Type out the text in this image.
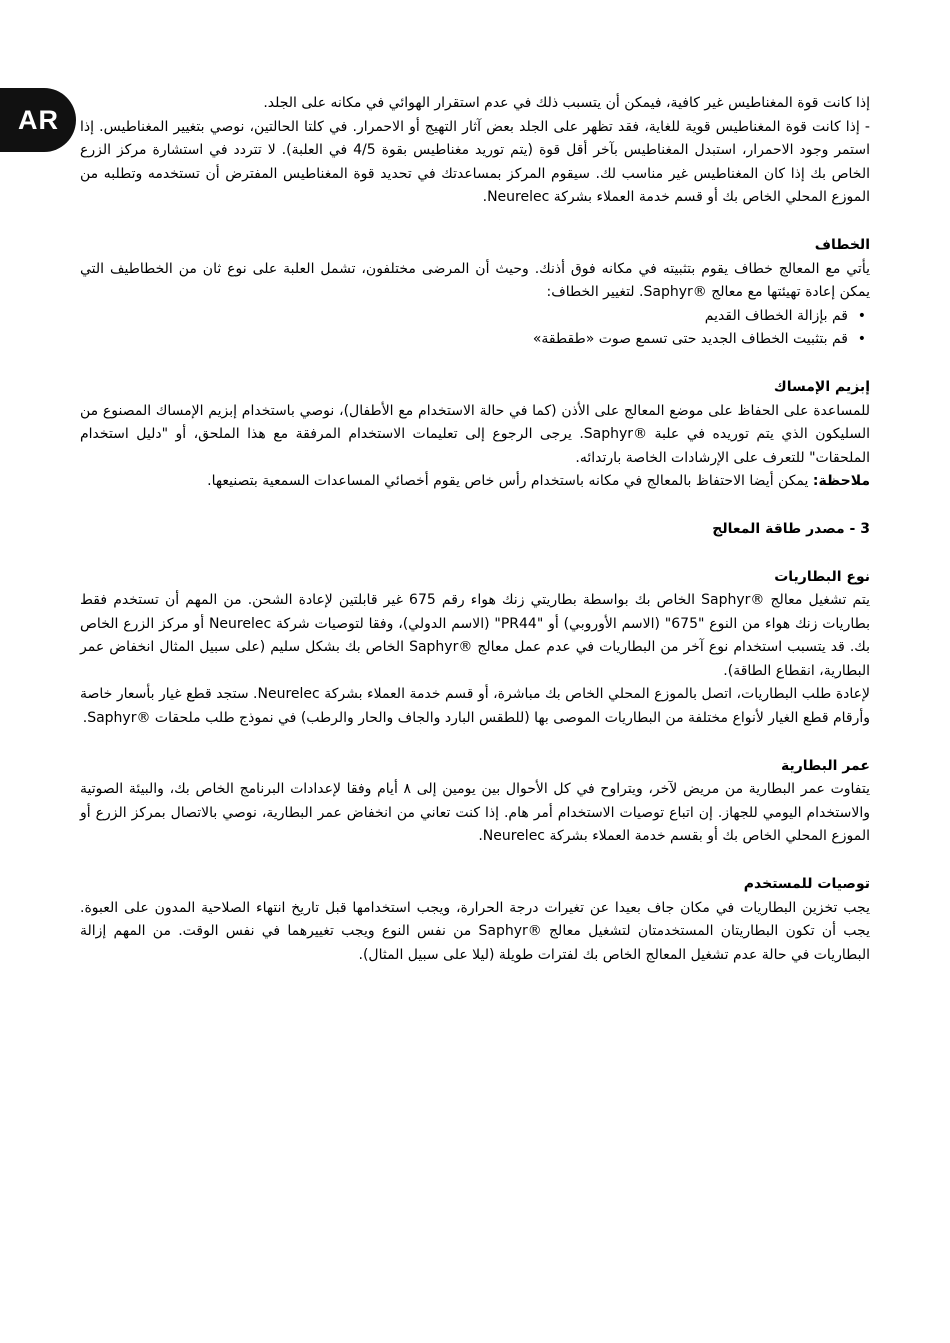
AR

إذا كانت قوة المغناطيس غير كافية، فيمكن أن يتسبب ذلك في عدم استقرار الهوائي في مكانه على الجلد.

- إذا كانت قوة المغناطيس قوية للغاية، فقد تظهر على الجلد بعض آثار التهيج أو الاحمرار. في كلتا الحالتين، نوصي بتغيير المغناطيس. إذا استمر وجود الاحمرار، استبدل المغناطيس بآخر أقل قوة (يتم توريد مغناطيس بقوة 4/5 في العلبة). لا تتردد في استشارة مركز الزرع الخاص بك إذا كان المغناطيس غير مناسب لك. سيقوم المركز بمساعدتك في تحديد قوة المغناطيس المفترض أن تستخدمه وتطلبه من الموزع المحلي الخاص بك أو قسم خدمة العملاء بشركة Neurelec.

الخطاف

يأتي مع المعالج خطاف يقوم بتثبيته في مكانه فوق أذنك. وحيث أن المرضى مختلفون، تشمل العلبة على نوع ثان من الخطاطيف التي يمكن إعادة تهيئتها مع معالج ®Saphyr. لتغيير الخطاف:

• قم بإزالة الخطاف القديم
• قم بتثبيت الخطاف الجديد حتى تسمع صوت «طقطقة»
إبزيم الإمساك

للمساعدة على الحفاظ على موضع المعالج على الأذن (كما في حالة الاستخدام مع الأطفال)، نوصي باستخدام إبزيم الإمساك المصنوع من السليكون الذي يتم توريده في علبة ®Saphyr. يرجى الرجوع إلى تعليمات الاستخدام المرفقة مع هذا الملحق، أو "دليل استخدام الملحقات" للتعرف على الإرشادات الخاصة بارتدائه.

ملاحظة: يمكن أيضا الاحتفاظ بالمعالج في مكانه باستخدام رأس خاص يقوم أخصائي المساعدات السمعية بتصنيعها.

3 - مصدر طاقة المعالج
نوع البطاريات

يتم تشغيل معالج ®Saphyr الخاص بك بواسطة بطاريتي زنك هواء رقم 675 غير قابلتين لإعادة الشحن. من المهم أن تستخدم فقط بطاريات زنك هواء من النوع "675" (الاسم الأوروبي) أو "PR44" (الاسم الدولي)، وفقا لتوصيات شركة Neurelec أو مركز الزرع الخاص بك. قد يتسبب استخدام نوع آخر من البطاريات في عدم عمل معالج ®Saphyr الخاص بك بشكل سليم (على سبيل المثال انخفاض عمر البطارية، انقطاع الطاقة).

لإعادة طلب البطاريات، اتصل بالموزع المحلي الخاص بك مباشرة، أو قسم خدمة العملاء بشركة Neurelec. ستجد قطع غيار بأسعار خاصة وأرقام قطع الغيار لأنواع مختلفة من البطاريات الموصى بها (للطقس البارد والجاف والحار والرطب) في نموذج طلب ملحقات ®Saphyr.

عمر البطارية

يتفاوت عمر البطارية من مريض لآخر، ويتراوح في كل الأحوال بين يومين إلى ٨ أيام وفقا لإعدادات البرنامج الخاص بك، والبيئة الصوتية والاستخدام اليومي للجهاز. إن اتباع توصيات الاستخدام أمر هام. إذا كنت تعاني من انخفاض عمر البطارية، نوصي بالاتصال بمركز الزرع أو الموزع المحلي الخاص بك أو بقسم خدمة العملاء بشركة Neurelec.

توصيات للمستخدم

يجب تخزين البطاريات في مكان جاف بعيدا عن تغيرات درجة الحرارة، ويجب استخدامها قبل تاريخ انتهاء الصلاحية المدون على العبوة. يجب أن تكون البطاريتان المستخدمتان لتشغيل معالج ®Saphyr من نفس النوع ويجب تغييرهما في نفس الوقت. من المهم إزالة البطاريات في حالة عدم تشغيل المعالج الخاص بك لفترات طويلة (ليلا على سبيل المثال).
